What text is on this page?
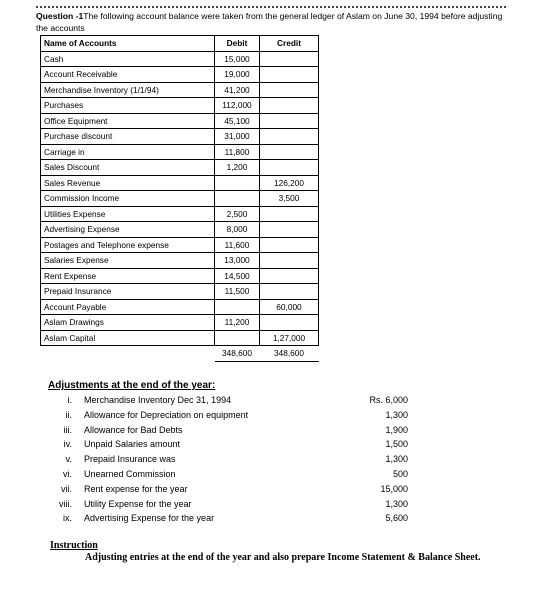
Question -1The following account balance were taken from the general ledger of Aslam on June 30, 1994 before adjusting the accounts
Name of Accounts	Debit	Credit
Cash	15,000	
Account Receivable	19,000	
Merchandise Inventory (1/1/94)	41,200	
Purchases	112,000	
Office Equipment	45,100	
Purchase discount	31,000	
Carriage in	11,800	
Sales Discount	1,200	
Sales Revenue		126,200
Commission Income		3,500
Utilities Expense	2,500	
Advertising Expense	8,000	
Postages and Telephone expense	11,600	
Salaries Expense	13,000	
Rent Expense	14,500	
Prepaid Insurance	11,500	
Account Payable		60,000
Aslam Drawings	11,200	
Aslam Capital		1,27,000
	348,600	348,600
Adjustments at the end of the year:
i.	Merchandise Inventory Dec 31, 1994	Rs. 6,000
ii.	Allowance for Depreciation on equipment	1,300
iii.	Allowance for Bad Debts	1,900
iv.	Unpaid Salaries amount	1,500
v.	Prepaid Insurance was	1,300
vi.	Unearned Commission	500
vii.	Rent expense for the year	15,000
viii.	Utility Expense for the year	1,300
ix.	Advertising Expense for the year	5,600
Instruction
Adjusting entries at the end of the year and also prepare Income Statement & Balance Sheet.
